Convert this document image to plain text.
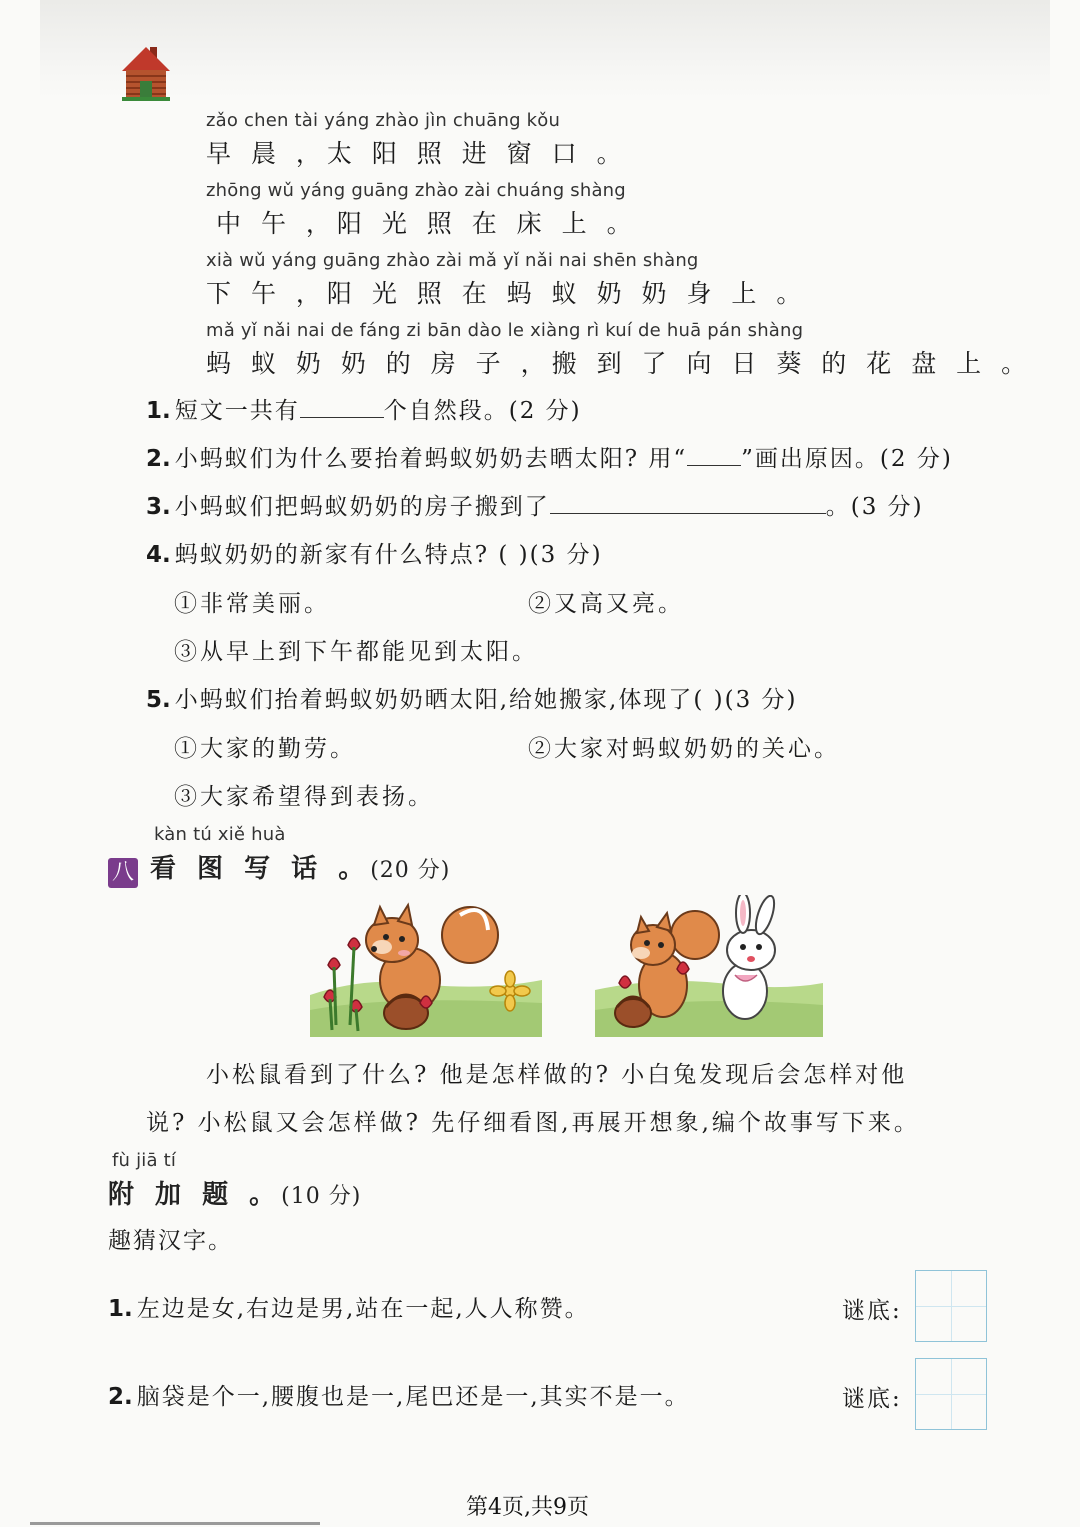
zǎo chen tài yáng zhào jìn chuāng kǒu
早 晨 ，太 阳 照 进 窗 口 。
zhōng wǔ yáng guāng zhào zài chuáng shàng
中 午 ，阳 光 照 在 床 上 。
xià wǔ yáng guāng zhào zài mǎ yǐ nǎi nai shēn shàng
下 午 ，阳 光 照 在 蚂 蚁 奶 奶 身 上 。
mǎ yǐ nǎi nai de fáng zi bān dào le xiàng rì kuí de huā pán shàng
蚂 蚁 奶 奶 的 房 子 ，搬 到 了 向 日 葵 的 花 盘 上 。
1. 短文一共有	个自然段。(2 分)
2. 小蚂蚁们为什么要抬着蚂蚁奶奶去晒太阳? 用“ ”画出原因。(2 分)
3. 小蚂蚁们把蚂蚁奶奶的房子搬到了	。(3 分)
4. 蚂蚁奶奶的新家有什么特点? ( )(3 分)
①非常美丽。	②又高又亮。
③从早上到下午都能见到太阳。
5. 小蚂蚁们抬着蚂蚁奶奶晒太阳,给她搬家,体现了( )(3 分)
①大家的勤劳。	②大家对蚂蚁奶奶的关心。
③大家希望得到表扬。
kàn tú xiě huà
八 看 图 写 话 。(20 分)
小松鼠看到了什么? 他是怎样做的? 小白兔发现后会怎样对他
说? 小松鼠又会怎样做? 先仔细看图,再展开想象,编个故事写下来。
fù jiā tí
附 加 题 。(10 分)
趣猜汉字。
1. 左边是女,右边是男,站在一起,人人称赞。	谜底:
2. 脑袋是个一,腰腹也是一,尾巴还是一,其实不是一。	谜底:
第4页,共9页
